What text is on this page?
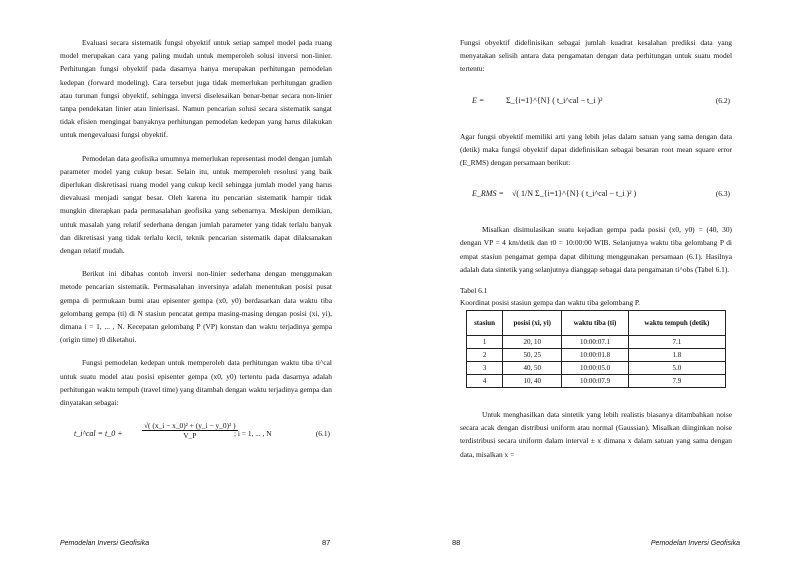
Evaluasi secara sistematik fungsi obyektif untuk setiap sampel model pada ruang model merupakan cara yang paling mudah untuk memperoleh solusi inversi non-linier. Perhitungan fungsi obyektif pada dasarnya hanya merupakan perhitungan pemodelan kedepan (forward modeling). Cara tersebut juga tidak memerlukan perhitungan gradien atau turunan fungsi obyektif, sehingga inversi diselesaikan benar-benar secara non-linier tanpa pendekatan linier atau linierisasi. Namun pencarian solusi secara sistematik sangat tidak efisien mengingat banyaknya perhitungan pemodelan kedepan yang harus dilakukan untuk mengevaluasi fungsi obyektif.

Pemodelan data geofisika umumnya memerlukan representasi model dengan jumlah parameter model yang cukup besar. Selain itu, untuk memperoleh resolusi yang baik diperlukan diskretisasi ruang model yang cukup kecil sehingga jumlah model yang harus dievaluasi menjadi sangat besar. Oleh karena itu pencarian sistematik hampir tidak mungkin diterapkan pada permasalahan geofisika yang sebenarnya. Meskipun demikian, untuk masalah yang relatif sederhana dengan jumlah parameter yang tidak terlalu banyak dan dikretisasi yang tidak terlalu kecil, teknik pencarian sistematik dapat dilaksanakan dengan relatif mudah.

Berikut ini dibahas contoh inversi non-linier sederhana dengan menggunakan metode pencarian sistematik. Permasalahan inversinya adalah menentukan posisi pusat gempa di permukaan bumi atau episenter gempa (x0, y0) berdasarkan data waktu tiba gelombang gempa (ti) di N stasiun pencatat gempa masing-masing dengan posisi (xi, yi), dimana i = 1, ... , N. Kecepatan gelombang P (VP) konstan dan waktu terjadinya gempa (origin time) t0 diketahui.

Fungsi pemodelan kedepan untuk memperoleh data perhitungan waktu tiba ti^cal untuk suatu model atau posisi episenter gempa (x0, y0) tertentu pada dasarnya adalah perhitungan waktu tempuh (travel time) yang ditambah dengan waktu terjadinya gempa dan dinyatakan sebagai:

t_i^cal = t_0 +	$\frac{\text{√( (x\_i − x\_0)² + (y\_i − y\_0)² )}}{V\_P}$
; i = 1, ... , N	(6.1)
Pemodelan Inversi Geofisika	87

Fungsi obyektif didefinisikan sebagai jumlah kuadrat kesalahan prediksi data yang menyatakan selisih antara data pengamatan dengan data perhitungan untuk suatu model tertentu:

E =	Σ_{i=1}^{N} ( t_i^cal − t_i )²	(6.2)

Agar fungsi obyektif memiliki arti yang lebih jelas dalam satuan yang sama dengan data (detik) maka fungsi obyektif dapat didefinisikan sebagai besaran root mean square error (E_RMS) dengan persamaan berikut:

E_RMS = √( 1/N Σ_{i=1}^{N} ( t_i^cal − t_i )² )	(6.3)

Misalkan disimulasikan suatu kejadian gempa pada posisi (x0, y0) = (40, 30) dengan VP = 4 km/detik dan t0 = 10:00:00 WIB. Selanjutnya waktu tiba gelombang P di empat stasiun pengamat gempa dapat dihitung menggunakan persamaan (6.1). Hasilnya adalah data sintetik yang selanjutnya dianggap sebagai data pengamatan ti^obs (Tabel 6.1).

Tabel 6.1
Koordinat posisi stasiun gempa dan waktu tiba gelombang P.
stasiun	posisi (xi, yi)	waktu tiba (ti)	waktu tempuh (detik)
1	20, 10	10:00:07.1	7.1
2	50, 25	10:00:01.8	1.8
3	40, 50	10:00:05.0	5.0
4	10, 40	10:00:07.9	7.9

Untuk menghasilkan data sintetik yang lebih realistis biasanya ditambahkan noise secara acak dengan distribusi uniform atau normal (Gaussian). Misalkan diinginkan noise terdistribusi secara uniform dalam interval ± x dimana x dalam satuan yang sama dengan data, misalkan x =

88	Pemodelan Inversi Geofisika
